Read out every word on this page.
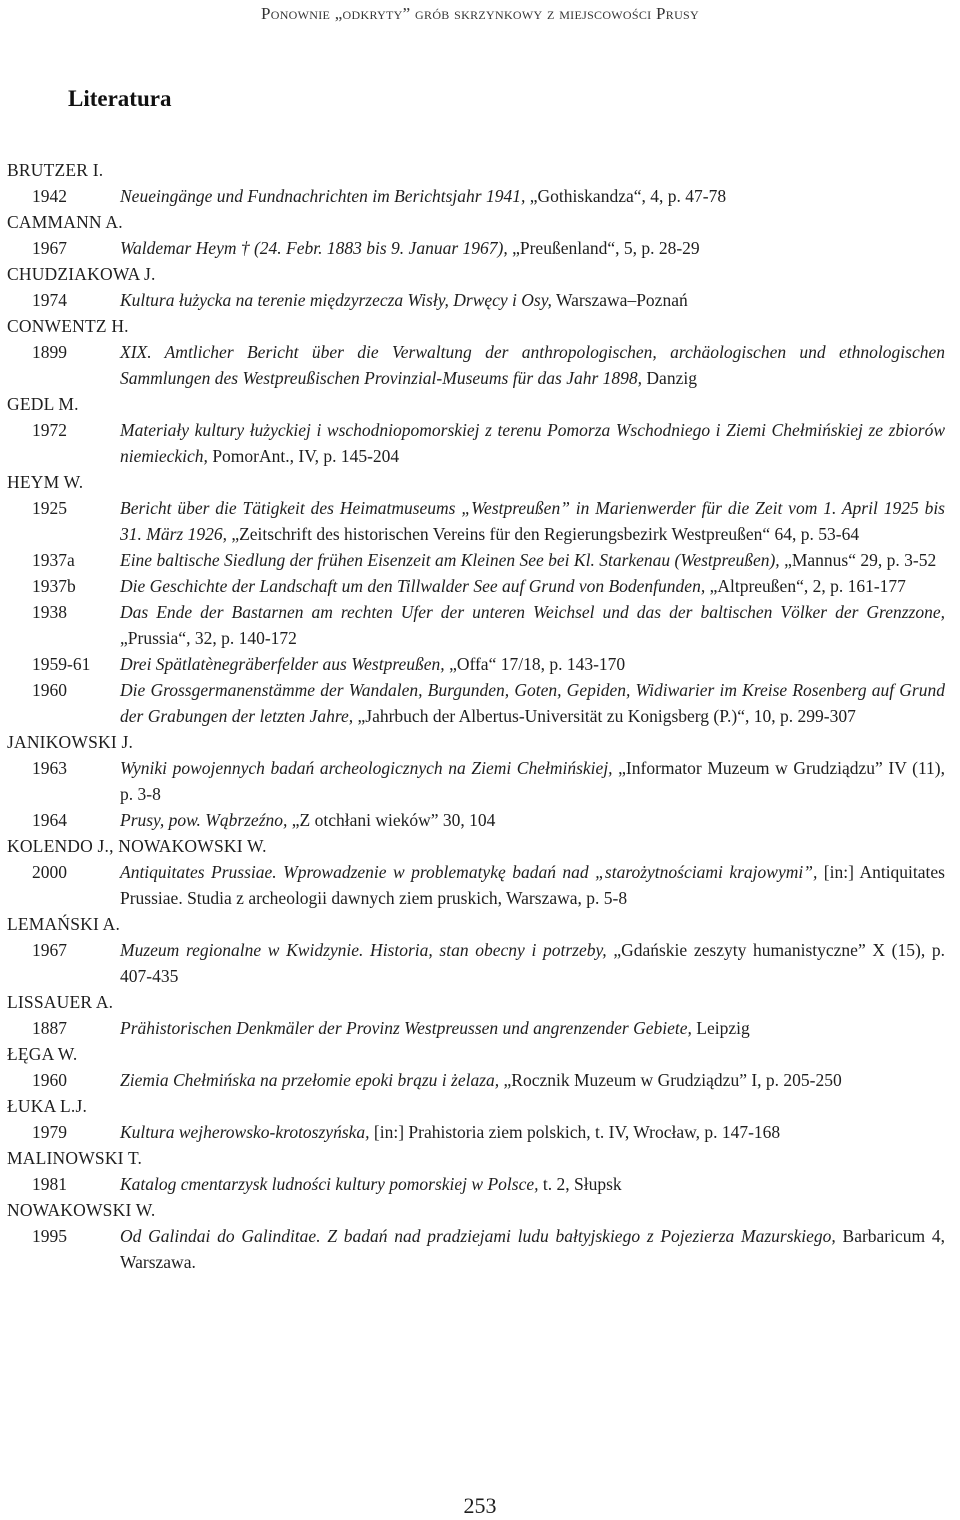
Ponownie „odkryty” grób skrzynkowy z miejscowości Prusy
Literatura
BRUTZER I.
1942	Neueingänge und Fundnachrichten im Berichtsjahr 1941, „Gothiskandza“, 4, p. 47-78
CAMMANN A.
1967	Waldemar Heym † (24. Febr. 1883 bis 9. Januar 1967), „Preußenland“, 5, p. 28-29
CHUDZIAKOWA J.
1974	Kultura łużycka na terenie międzyrzecza Wisły, Drwęcy i Osy, Warszawa–Poznań
CONWENTZ H.
1899	XIX. Amtlicher Bericht über die Verwaltung der anthropologischen, archäologischen und ethnologischen Sammlungen des Westpreußischen Provinzial-Museums für das Jahr 1898, Danzig
GEDL M.
1972	Materiały kultury łużyckiej i wschodniopomorskiej z terenu Pomorza Wschodniego i Ziemi Chełmińskiej ze zbiorów niemieckich, PomorAnt., IV, p. 145-204
HEYM W.
1925	Bericht über die Tätigkeit des Heimatmuseums „Westpreußen” in Marienwerder für die Zeit vom 1. April 1925 bis 31. März 1926, „Zeitschrift des historischen Vereins für den Regierungsbezirk Westpreußen“ 64, p. 53-64
1937a	Eine baltische Siedlung der frühen Eisenzeit am Kleinen See bei Kl. Starkenau (Westpreußen), „Mannus“ 29, p. 3-52
1937b	Die Geschichte der Landschaft um den Tillwalder See auf Grund von Bodenfunden, „Altpreußen“, 2, p. 161-177
1938	Das Ende der Bastarnen am rechten Ufer der unteren Weichsel und das der baltischen Völker der Grenzzone, „Prussia“, 32, p. 140-172
1959-61	Drei Spätlatènegräberfelder aus Westpreußen, „Offa“ 17/18, p. 143-170
1960	Die Grossgermanenstämme der Wandalen, Burgunden, Goten, Gepiden, Widiwarier im Kreise Rosenberg auf Grund der Grabungen der letzten Jahre, „Jahrbuch der Albertus-Universität zu Konigsberg (P.)“, 10, p. 299-307
JANIKOWSKI J.
1963	Wyniki powojennych badań archeologicznych na Ziemi Chełmińskiej, „Informator Muzeum w Grudziądzu” IV (11), p. 3-8
1964	Prusy, pow. Wąbrzeźno, „Z otchłani wieków” 30, 104
KOLENDO J., NOWAKOWSKI W.
2000	Antiquitates Prussiae. Wprowadzenie w problematykę badań nad „starożytnościami krajowymi”, [in:] Antiquitates Prussiae. Studia z archeologii dawnych ziem pruskich, Warszawa, p. 5-8
LEMAŃSKI A.
1967	Muzeum regionalne w Kwidzynie. Historia, stan obecny i potrzeby, „Gdańskie zeszyty humanistyczne” X (15), p. 407-435
LISSAUER A.
1887	Prähistorischen Denkmäler der Provinz Westpreussen und angrenzender Gebiete, Leipzig
ŁĘGA W.
1960	Ziemia Chełmińska na przełomie epoki brązu i żelaza, „Rocznik Muzeum w Grudziądzu” I, p. 205-250
ŁUKA L.J.
1979	Kultura wejherowsko-krotoszyńska, [in:] Prahistoria ziem polskich, t. IV, Wrocław, p. 147-168
MALINOWSKI T.
1981	Katalog cmentarzysk ludności kultury pomorskiej w Polsce, t. 2, Słupsk
NOWAKOWSKI W.
1995	Od Galindai do Galinditae. Z badań nad pradziejami ludu bałtyjskiego z Pojezierza Mazurskiego, Barbaricum 4, Warszawa.
253
